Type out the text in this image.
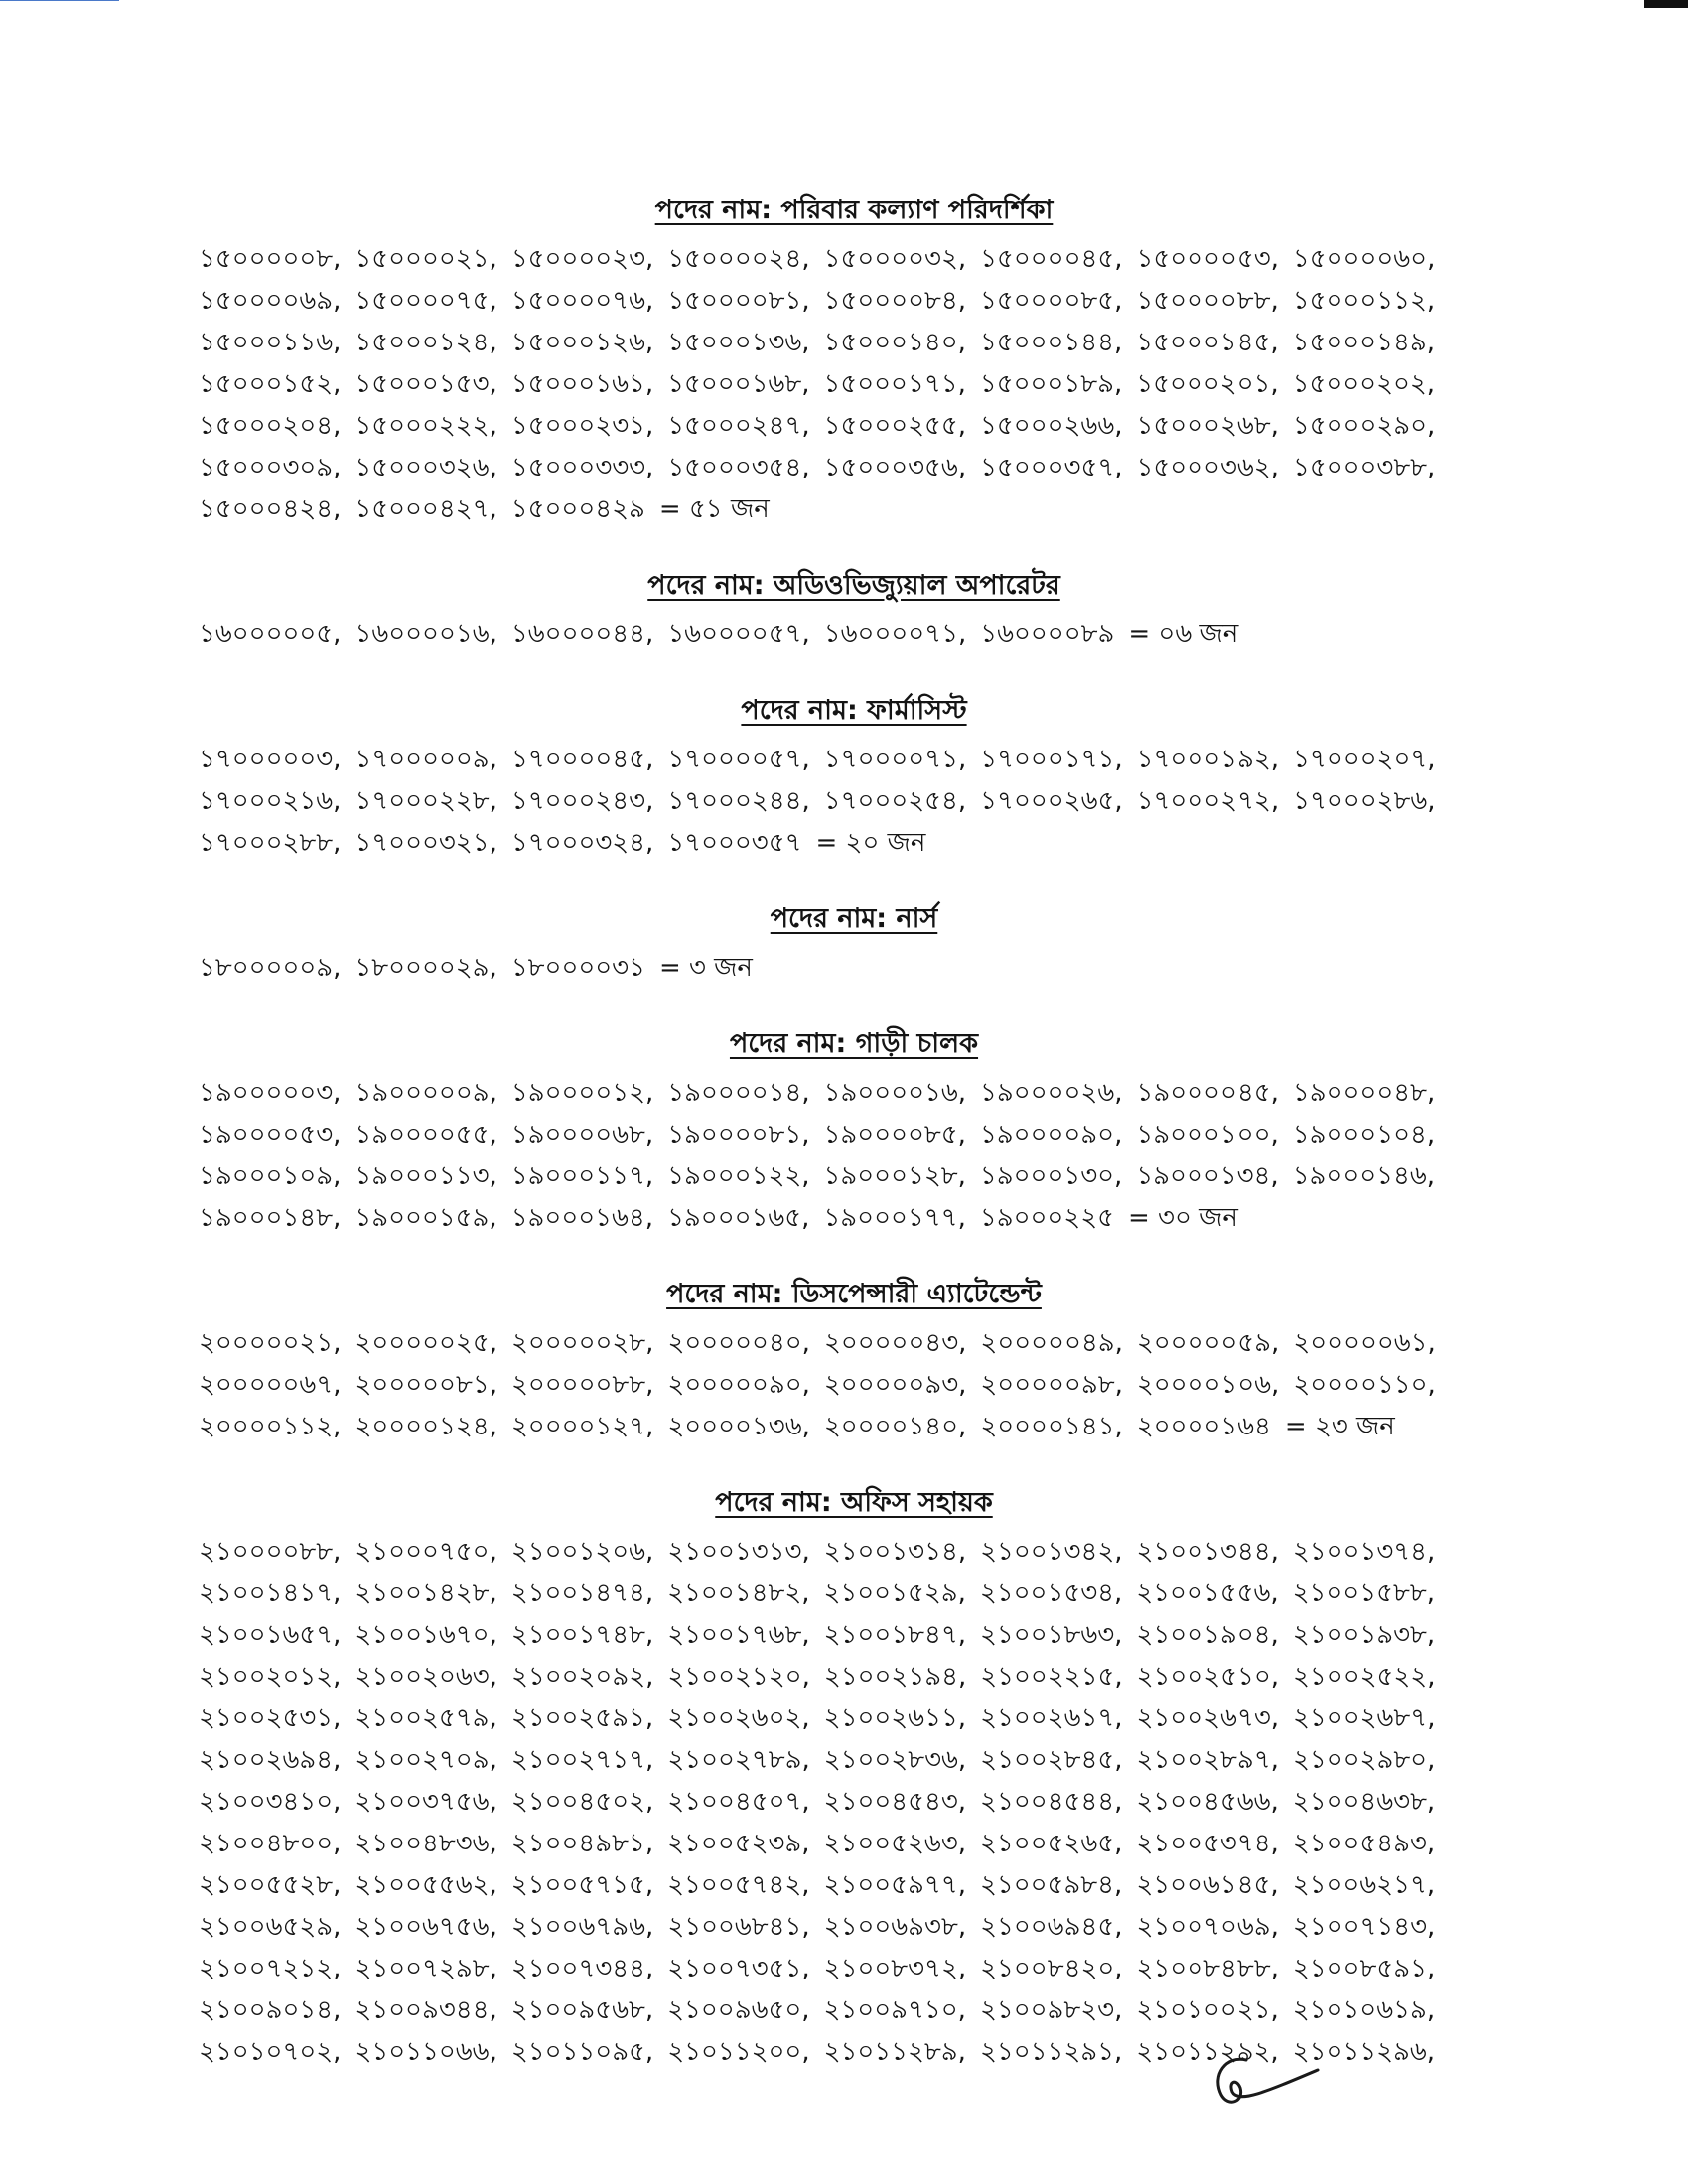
পদের নাম: পরিবার কল্যাণ পরিদর্শিকা
১৫০০০০০৮, ১৫০০০০২১, ১৫০০০০২৩, ১৫০০০০২৪, ১৫০০০০৩২, ১৫০০০০৪৫, ১৫০০০০৫৩, ১৫০০০০৬০,
১৫০০০০৬৯, ১৫০০০০৭৫, ১৫০০০০৭৬, ১৫০০০০৮১, ১৫০০০০৮৪, ১৫০০০০৮৫, ১৫০০০০৮৮, ১৫০০০১১২,
১৫০০০১১৬, ১৫০০০১২৪, ১৫০০০১২৬, ১৫০০০১৩৬, ১৫০০০১৪০, ১৫০০০১৪৪, ১৫০০০১৪৫, ১৫০০০১৪৯,
১৫০০০১৫২, ১৫০০০১৫৩, ১৫০০০১৬১, ১৫০০০১৬৮, ১৫০০০১৭১, ১৫০০০১৮৯, ১৫০০০২০১, ১৫০০০২০২,
১৫০০০২০৪, ১৫০০০২২২, ১৫০০০২৩১, ১৫০০০২৪৭, ১৫০০০২৫৫, ১৫০০০২৬৬, ১৫০০০২৬৮, ১৫০০০২৯০,
১৫০০০৩০৯, ১৫০০০৩২৬, ১৫০০০৩৩৩, ১৫০০০৩৫৪, ১৫০০০৩৫৬, ১৫০০০৩৫৭, ১৫০০০৩৬২, ১৫০০০৩৮৮,
১৫০০০৪২৪, ১৫০০০৪২৭, ১৫০০০৪২৯ = ৫১ জন
পদের নাম: অডিওভিজ্যুয়াল অপারেটর
১৬০০০০০৫, ১৬০০০০১৬, ১৬০০০০৪৪, ১৬০০০০৫৭, ১৬০০০০৭১, ১৬০০০০৮৯ = ০৬ জন
পদের নাম: ফার্মাসিস্ট
১৭০০০০০৩, ১৭০০০০০৯, ১৭০০০০৪৫, ১৭০০০০৫৭, ১৭০০০০৭১, ১৭০০০১৭১, ১৭০০০১৯২, ১৭০০০২০৭,
১৭০০০২১৬, ১৭০০০২২৮, ১৭০০০২৪৩, ১৭০০০২৪৪, ১৭০০০২৫৪, ১৭০০০২৬৫, ১৭০০০২৭২, ১৭০০০২৮৬,
১৭০০০২৮৮, ১৭০০০৩২১, ১৭০০০৩২৪, ১৭০০০৩৫৭ = ২০ জন
পদের নাম: নার্স
১৮০০০০০৯, ১৮০০০০২৯, ১৮০০০০৩১ = ৩ জন
পদের নাম: গাড়ী চালক
১৯০০০০০৩, ১৯০০০০০৯, ১৯০০০০১২, ১৯০০০০১৪, ১৯০০০০১৬, ১৯০০০০২৬, ১৯০০০০৪৫, ১৯০০০০৪৮,
১৯০০০০৫৩, ১৯০০০০৫৫, ১৯০০০০৬৮, ১৯০০০০৮১, ১৯০০০০৮৫, ১৯০০০০৯০, ১৯০০০১০০, ১৯০০০১০৪,
১৯০০০১০৯, ১৯০০০১১৩, ১৯০০০১১৭, ১৯০০০১২২, ১৯০০০১২৮, ১৯০০০১৩০, ১৯০০০১৩৪, ১৯০০০১৪৬,
১৯০০০১৪৮, ১৯০০০১৫৯, ১৯০০০১৬৪, ১৯০০০১৬৫, ১৯০০০১৭৭, ১৯০০০২২৫ = ৩০ জন
পদের নাম: ডিসপেন্সারী এ্যাটেন্ডেন্ট
২০০০০০২১, ২০০০০০২৫, ২০০০০০২৮, ২০০০০০৪০, ২০০০০০৪৩, ২০০০০০৪৯, ২০০০০০৫৯, ২০০০০০৬১,
২০০০০০৬৭, ২০০০০০৮১, ২০০০০০৮৮, ২০০০০০৯০, ২০০০০০৯৩, ২০০০০০৯৮, ২০০০০১০৬, ২০০০০১১০,
২০০০০১১২, ২০০০০১২৪, ২০০০০১২৭, ২০০০০১৩৬, ২০০০০১৪০, ২০০০০১৪১, ২০০০০১৬৪ = ২৩ জন
পদের নাম: অফিস সহায়ক
২১০০০০৮৮, ২১০০০৭৫০, ২১০০১২০৬, ২১০০১৩১৩, ২১০০১৩১৪, ২১০০১৩৪২, ২১০০১৩৪৪, ২১০০১৩৭৪,
২১০০১৪১৭, ২১০০১৪২৮, ২১০০১৪৭৪, ২১০০১৪৮২, ২১০০১৫২৯, ২১০০১৫৩৪, ২১০০১৫৫৬, ২১০০১৫৮৮,
২১০০১৬৫৭, ২১০০১৬৭০, ২১০০১৭৪৮, ২১০০১৭৬৮, ২১০০১৮৪৭, ২১০০১৮৬৩, ২১০০১৯০৪, ২১০০১৯৩৮,
২১০০২০১২, ২১০০২০৬৩, ২১০০২০৯২, ২১০০২১২০, ২১০০২১৯৪, ২১০০২২১৫, ২১০০২৫১০, ২১০০২৫২২,
২১০০২৫৩১, ২১০০২৫৭৯, ২১০০২৫৯১, ২১০০২৬০২, ২১০০২৬১১, ২১০০২৬১৭, ২১০০২৬৭৩, ২১০০২৬৮৭,
২১০০২৬৯৪, ২১০০২৭০৯, ২১০০২৭১৭, ২১০০২৭৮৯, ২১০০২৮৩৬, ২১০০২৮৪৫, ২১০০২৮৯৭, ২১০০২৯৮০,
২১০০৩৪১০, ২১০০৩৭৫৬, ২১০০৪৫০২, ২১০০৪৫০৭, ২১০০৪৫৪৩, ২১০০৪৫৪৪, ২১০০৪৫৬৬, ২১০০৪৬৩৮,
২১০০৪৮০০, ২১০০৪৮৩৬, ২১০০৪৯৮১, ২১০০৫২৩৯, ২১০০৫২৬৩, ২১০০৫২৬৫, ২১০০৫৩৭৪, ২১০০৫৪৯৩,
২১০০৫৫২৮, ২১০০৫৫৬২, ২১০০৫৭১৫, ২১০০৫৭৪২, ২১০০৫৯৭৭, ২১০০৫৯৮৪, ২১০০৬১৪৫, ২১০০৬২১৭,
২১০০৬৫২৯, ২১০০৬৭৫৬, ২১০০৬৭৯৬, ২১০০৬৮৪১, ২১০০৬৯৩৮, ২১০০৬৯৪৫, ২১০০৭০৬৯, ২১০০৭১৪৩,
২১০০৭২১২, ২১০০৭২৯৮, ২১০০৭৩৪৪, ২১০০৭৩৫১, ২১০০৮৩৭২, ২১০০৮৪২০, ২১০০৮৪৮৮, ২১০০৮৫৯১,
২১০০৯০১৪, ২১০০৯৩৪৪, ২১০০৯৫৬৮, ২১০০৯৬৫০, ২১০০৯৭১০, ২১০০৯৮২৩, ২১০১০০২১, ২১০১০৬১৯,
২১০১০৭০২, ২১০১১০৬৬, ২১০১১০৯৫, ২১০১১২০০, ২১০১১২৮৯, ২১০১১২৯১, ২১০১১২৯২, ২১০১১২৯৬,
